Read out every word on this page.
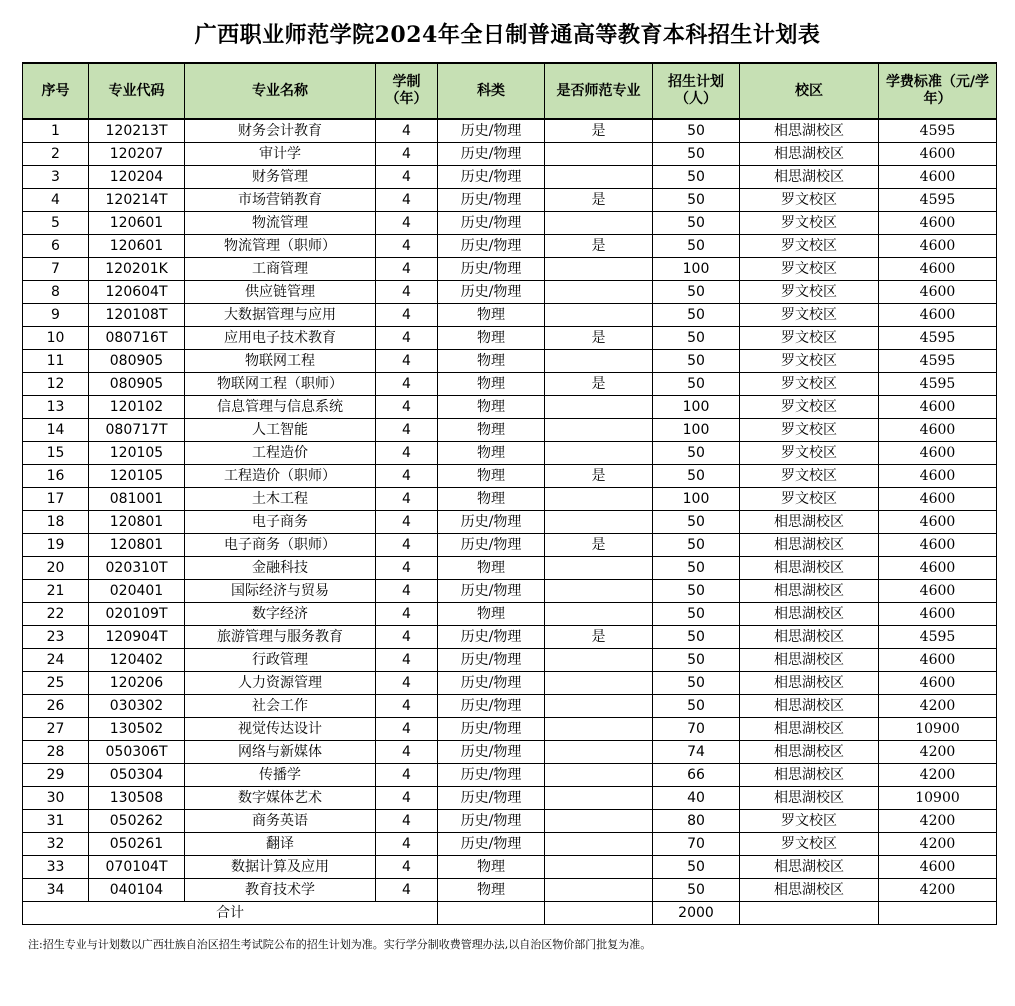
广西职业师范学院2024年全日制普通高等教育本科招生计划表
序号	专业代码	专业名称	学制（年）	科类	是否师范专业	招生计划（人）	校区	学费标准（元/学年）
1	120213T	财务会计教育	4	历史/物理	是	50	相思湖校区	4595
2	120207	审计学	4	历史/物理		50	相思湖校区	4600
3	120204	财务管理	4	历史/物理		50	相思湖校区	4600
4	120214T	市场营销教育	4	历史/物理	是	50	罗文校区	4595
5	120601	物流管理	4	历史/物理		50	罗文校区	4600
6	120601	物流管理（职师）	4	历史/物理	是	50	罗文校区	4600
7	120201K	工商管理	4	历史/物理		100	罗文校区	4600
8	120604T	供应链管理	4	历史/物理		50	罗文校区	4600
9	120108T	大数据管理与应用	4	物理		50	罗文校区	4600
10	080716T	应用电子技术教育	4	物理	是	50	罗文校区	4595
11	080905	物联网工程	4	物理		50	罗文校区	4595
12	080905	物联网工程（职师）	4	物理	是	50	罗文校区	4595
13	120102	信息管理与信息系统	4	物理		100	罗文校区	4600
14	080717T	人工智能	4	物理		100	罗文校区	4600
15	120105	工程造价	4	物理		50	罗文校区	4600
16	120105	工程造价（职师）	4	物理	是	50	罗文校区	4600
17	081001	土木工程	4	物理		100	罗文校区	4600
18	120801	电子商务	4	历史/物理		50	相思湖校区	4600
19	120801	电子商务（职师）	4	历史/物理	是	50	相思湖校区	4600
20	020310T	金融科技	4	物理		50	相思湖校区	4600
21	020401	国际经济与贸易	4	历史/物理		50	相思湖校区	4600
22	020109T	数字经济	4	物理		50	相思湖校区	4600
23	120904T	旅游管理与服务教育	4	历史/物理	是	50	相思湖校区	4595
24	120402	行政管理	4	历史/物理		50	相思湖校区	4600
25	120206	人力资源管理	4	历史/物理		50	相思湖校区	4600
26	030302	社会工作	4	历史/物理		50	相思湖校区	4200
27	130502	视觉传达设计	4	历史/物理		70	相思湖校区	10900
28	050306T	网络与新媒体	4	历史/物理		74	相思湖校区	4200
29	050304	传播学	4	历史/物理		66	相思湖校区	4200
30	130508	数字媒体艺术	4	历史/物理		40	相思湖校区	10900
31	050262	商务英语	4	历史/物理		80	罗文校区	4200
32	050261	翻译	4	历史/物理		70	罗文校区	4200
33	070104T	数据计算及应用	4	物理		50	相思湖校区	4600
34	040104	教育技术学	4	物理		50	相思湖校区	4200
合计						2000		
注:招生专业与计划数以广西壮族自治区招生考试院公布的招生计划为准。实行学分制收费管理办法,以自治区物价部门批复为准。
